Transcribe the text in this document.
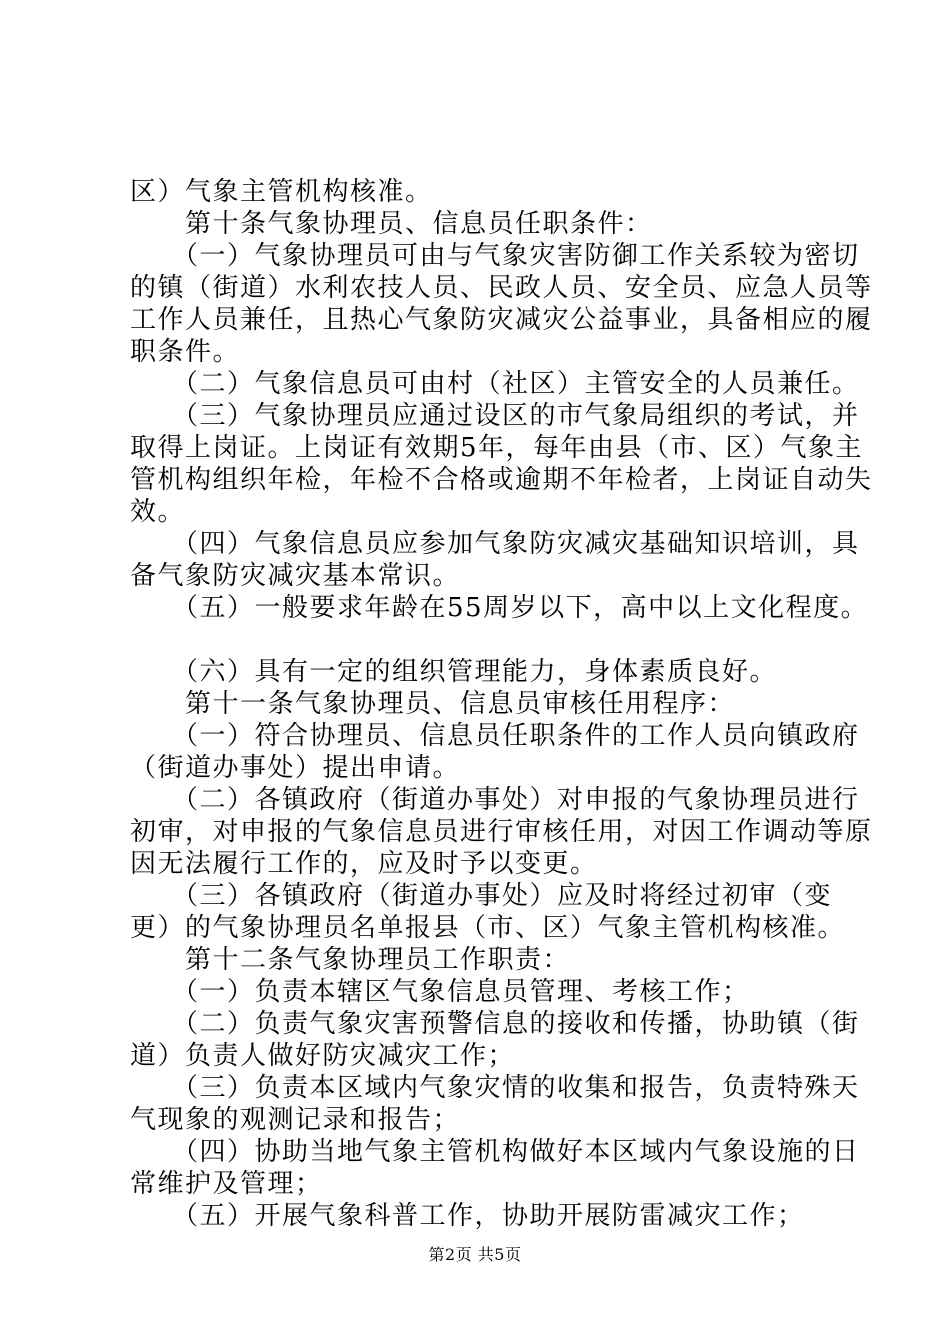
区）气象主管机构核准。
　　第十条气象协理员、信息员任职条件：
　　（一）气象协理员可由与气象灾害防御工作关系较为密切
的镇（街道）水利农技人员、民政人员、安全员、应急人员等
工作人员兼任，且热心气象防灾减灾公益事业，具备相应的履
职条件。
　　（二）气象信息员可由村（社区）主管安全的人员兼任。
　　（三）气象协理员应通过设区的市气象局组织的考试，并
取得上岗证。上岗证有效期5年，每年由县（市、区）气象主
管机构组织年检，年检不合格或逾期不年检者，上岗证自动失
效。
　　（四）气象信息员应参加气象防灾减灾基础知识培训，具
备气象防灾减灾基本常识。
　　（五）一般要求年龄在55周岁以下，高中以上文化程度。
　　（六）具有一定的组织管理能力，身体素质良好。
　　第十一条气象协理员、信息员审核任用程序：
　　（一）符合协理员、信息员任职条件的工作人员向镇政府
（街道办事处）提出申请。
　　（二）各镇政府（街道办事处）对申报的气象协理员进行
初审，对申报的气象信息员进行审核任用，对因工作调动等原
因无法履行工作的，应及时予以变更。
　　（三）各镇政府（街道办事处）应及时将经过初审（变
更）的气象协理员名单报县（市、区）气象主管机构核准。
　　第十二条气象协理员工作职责：
　　（一）负责本辖区气象信息员管理、考核工作；
　　（二）负责气象灾害预警信息的接收和传播，协助镇（街
道）负责人做好防灾减灾工作；
　　（三）负责本区域内气象灾情的收集和报告，负责特殊天
气现象的观测记录和报告；
　　（四）协助当地气象主管机构做好本区域内气象设施的日
常维护及管理；
　　（五）开展气象科普工作，协助开展防雷减灾工作；
第2页 共5页
